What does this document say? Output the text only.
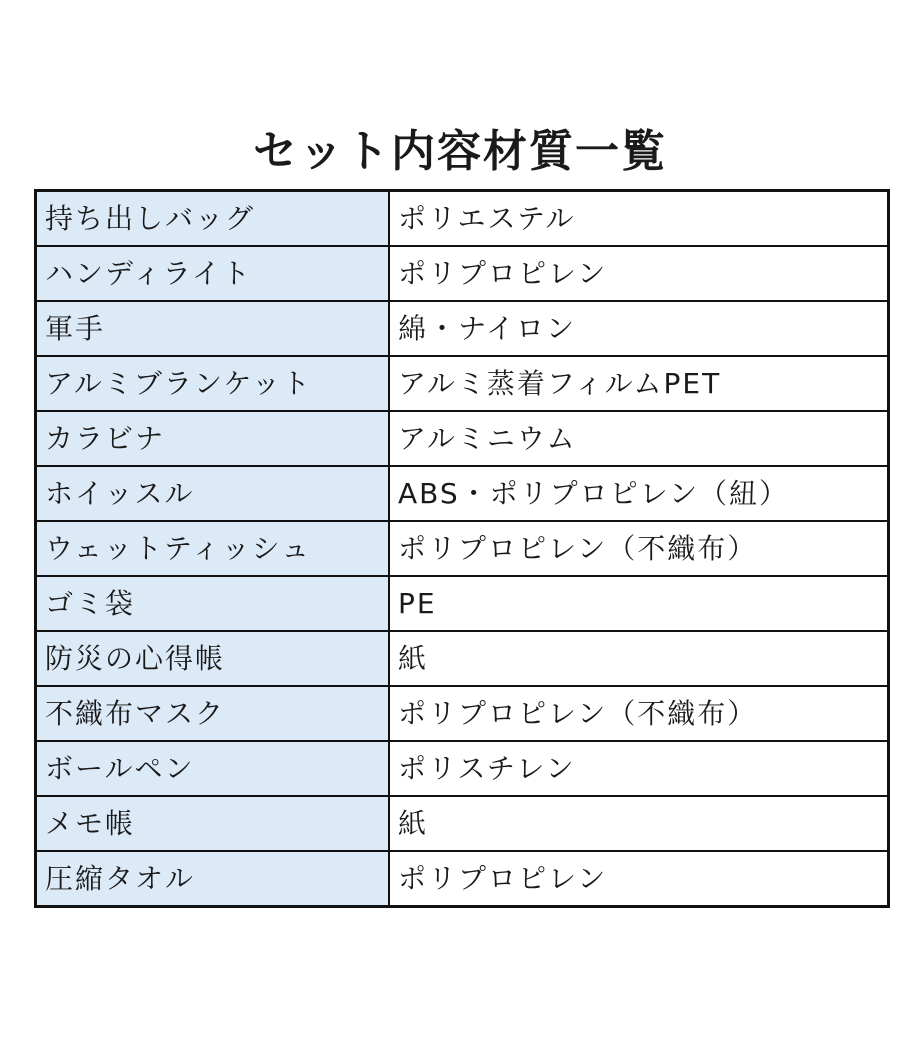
セット内容材質一覧
持ち出しバッグ	ポリエステル
ハンディライト	ポリプロピレン
軍手	綿・ナイロン
アルミブランケット	アルミ蒸着フィルムPET
カラビナ	アルミニウム
ホイッスル	ABS・ポリプロピレン（紐）
ウェットティッシュ	ポリプロピレン（不織布）
ゴミ袋	PE
防災の心得帳	紙
不織布マスク	ポリプロピレン（不織布）
ボールペン	ポリスチレン
メモ帳	紙
圧縮タオル	ポリプロピレン
